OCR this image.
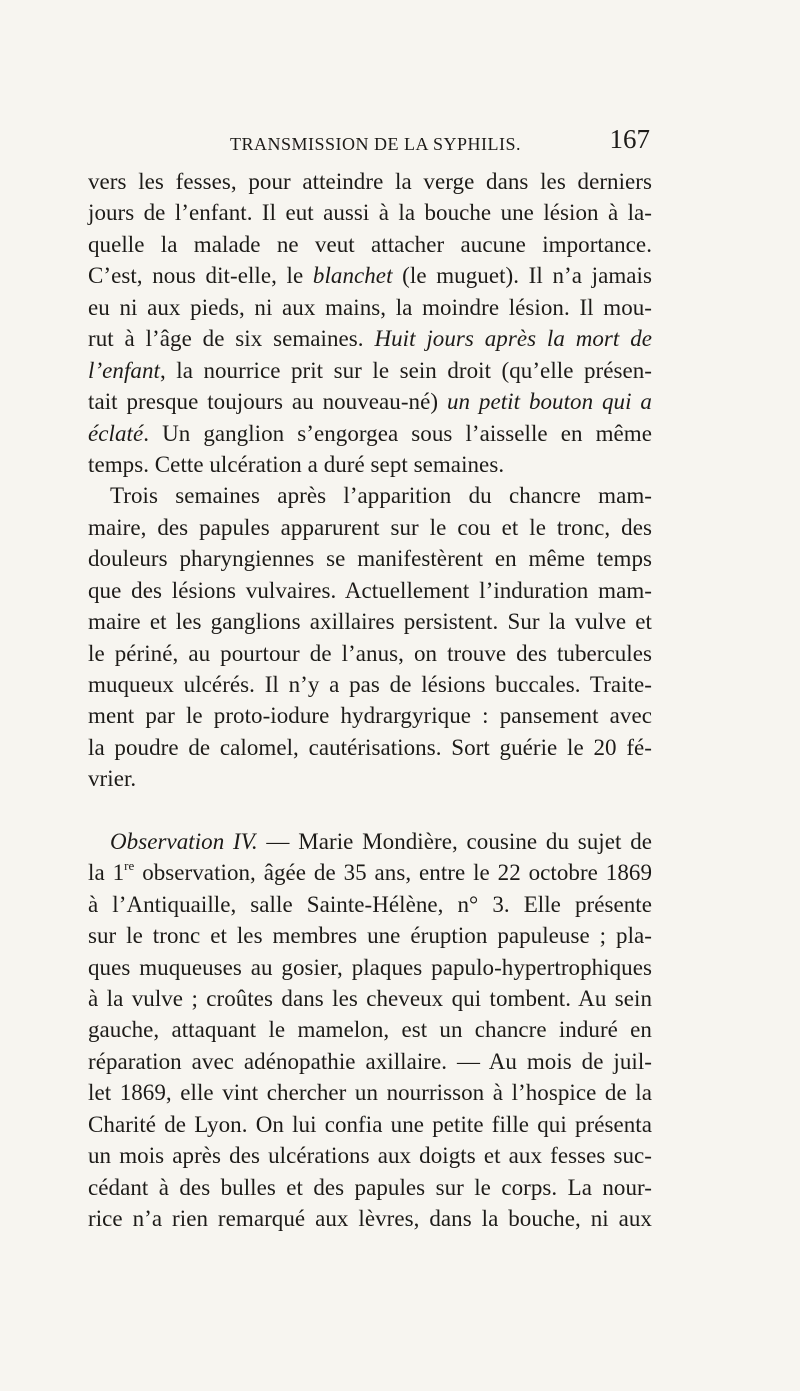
TRANSMISSION DE LA SYPHILIS.	167
vers les fesses, pour atteindre la verge dans les derniers
jours de l’enfant. Il eut aussi à la bouche une lésion à la-
quelle la malade ne veut attacher aucune importance.
C’est, nous dit-elle, le blanchet (le muguet). Il n’a jamais
eu ni aux pieds, ni aux mains, la moindre lésion. Il mou-
rut à l’âge de six semaines. Huit jours après la mort de
l’enfant, la nourrice prit sur le sein droit (qu’elle présen-
tait presque toujours au nouveau-né) un petit bouton qui a
éclaté. Un ganglion s’engorgea sous l’aisselle en même
temps. Cette ulcération a duré sept semaines.
Trois semaines après l’apparition du chancre mam-
maire, des papules apparurent sur le cou et le tronc, des
douleurs pharyngiennes se manifestèrent en même temps
que des lésions vulvaires. Actuellement l’induration mam-
maire et les ganglions axillaires persistent. Sur la vulve et
le périné, au pourtour de l’anus, on trouve des tubercules
muqueux ulcérés. Il n’y a pas de lésions buccales. Traite-
ment par le proto-iodure hydrargyrique : pansement avec
la poudre de calomel, cautérisations. Sort guérie le 20 fé-
vrier.
Observation IV. — Marie Mondière, cousine du sujet de
la 1re observation, âgée de 35 ans, entre le 22 octobre 1869
à l’Antiquaille, salle Sainte-Hélène, n° 3. Elle présente
sur le tronc et les membres une éruption papuleuse ; pla-
ques muqueuses au gosier, plaques papulo-hypertrophiques
à la vulve ; croûtes dans les cheveux qui tombent. Au sein
gauche, attaquant le mamelon, est un chancre induré en
réparation avec adénopathie axillaire. — Au mois de juil-
let 1869, elle vint chercher un nourrisson à l’hospice de la
Charité de Lyon. On lui confia une petite fille qui présenta
un mois après des ulcérations aux doigts et aux fesses suc-
cédant à des bulles et des papules sur le corps. La nour-
rice n’a rien remarqué aux lèvres, dans la bouche, ni aux
